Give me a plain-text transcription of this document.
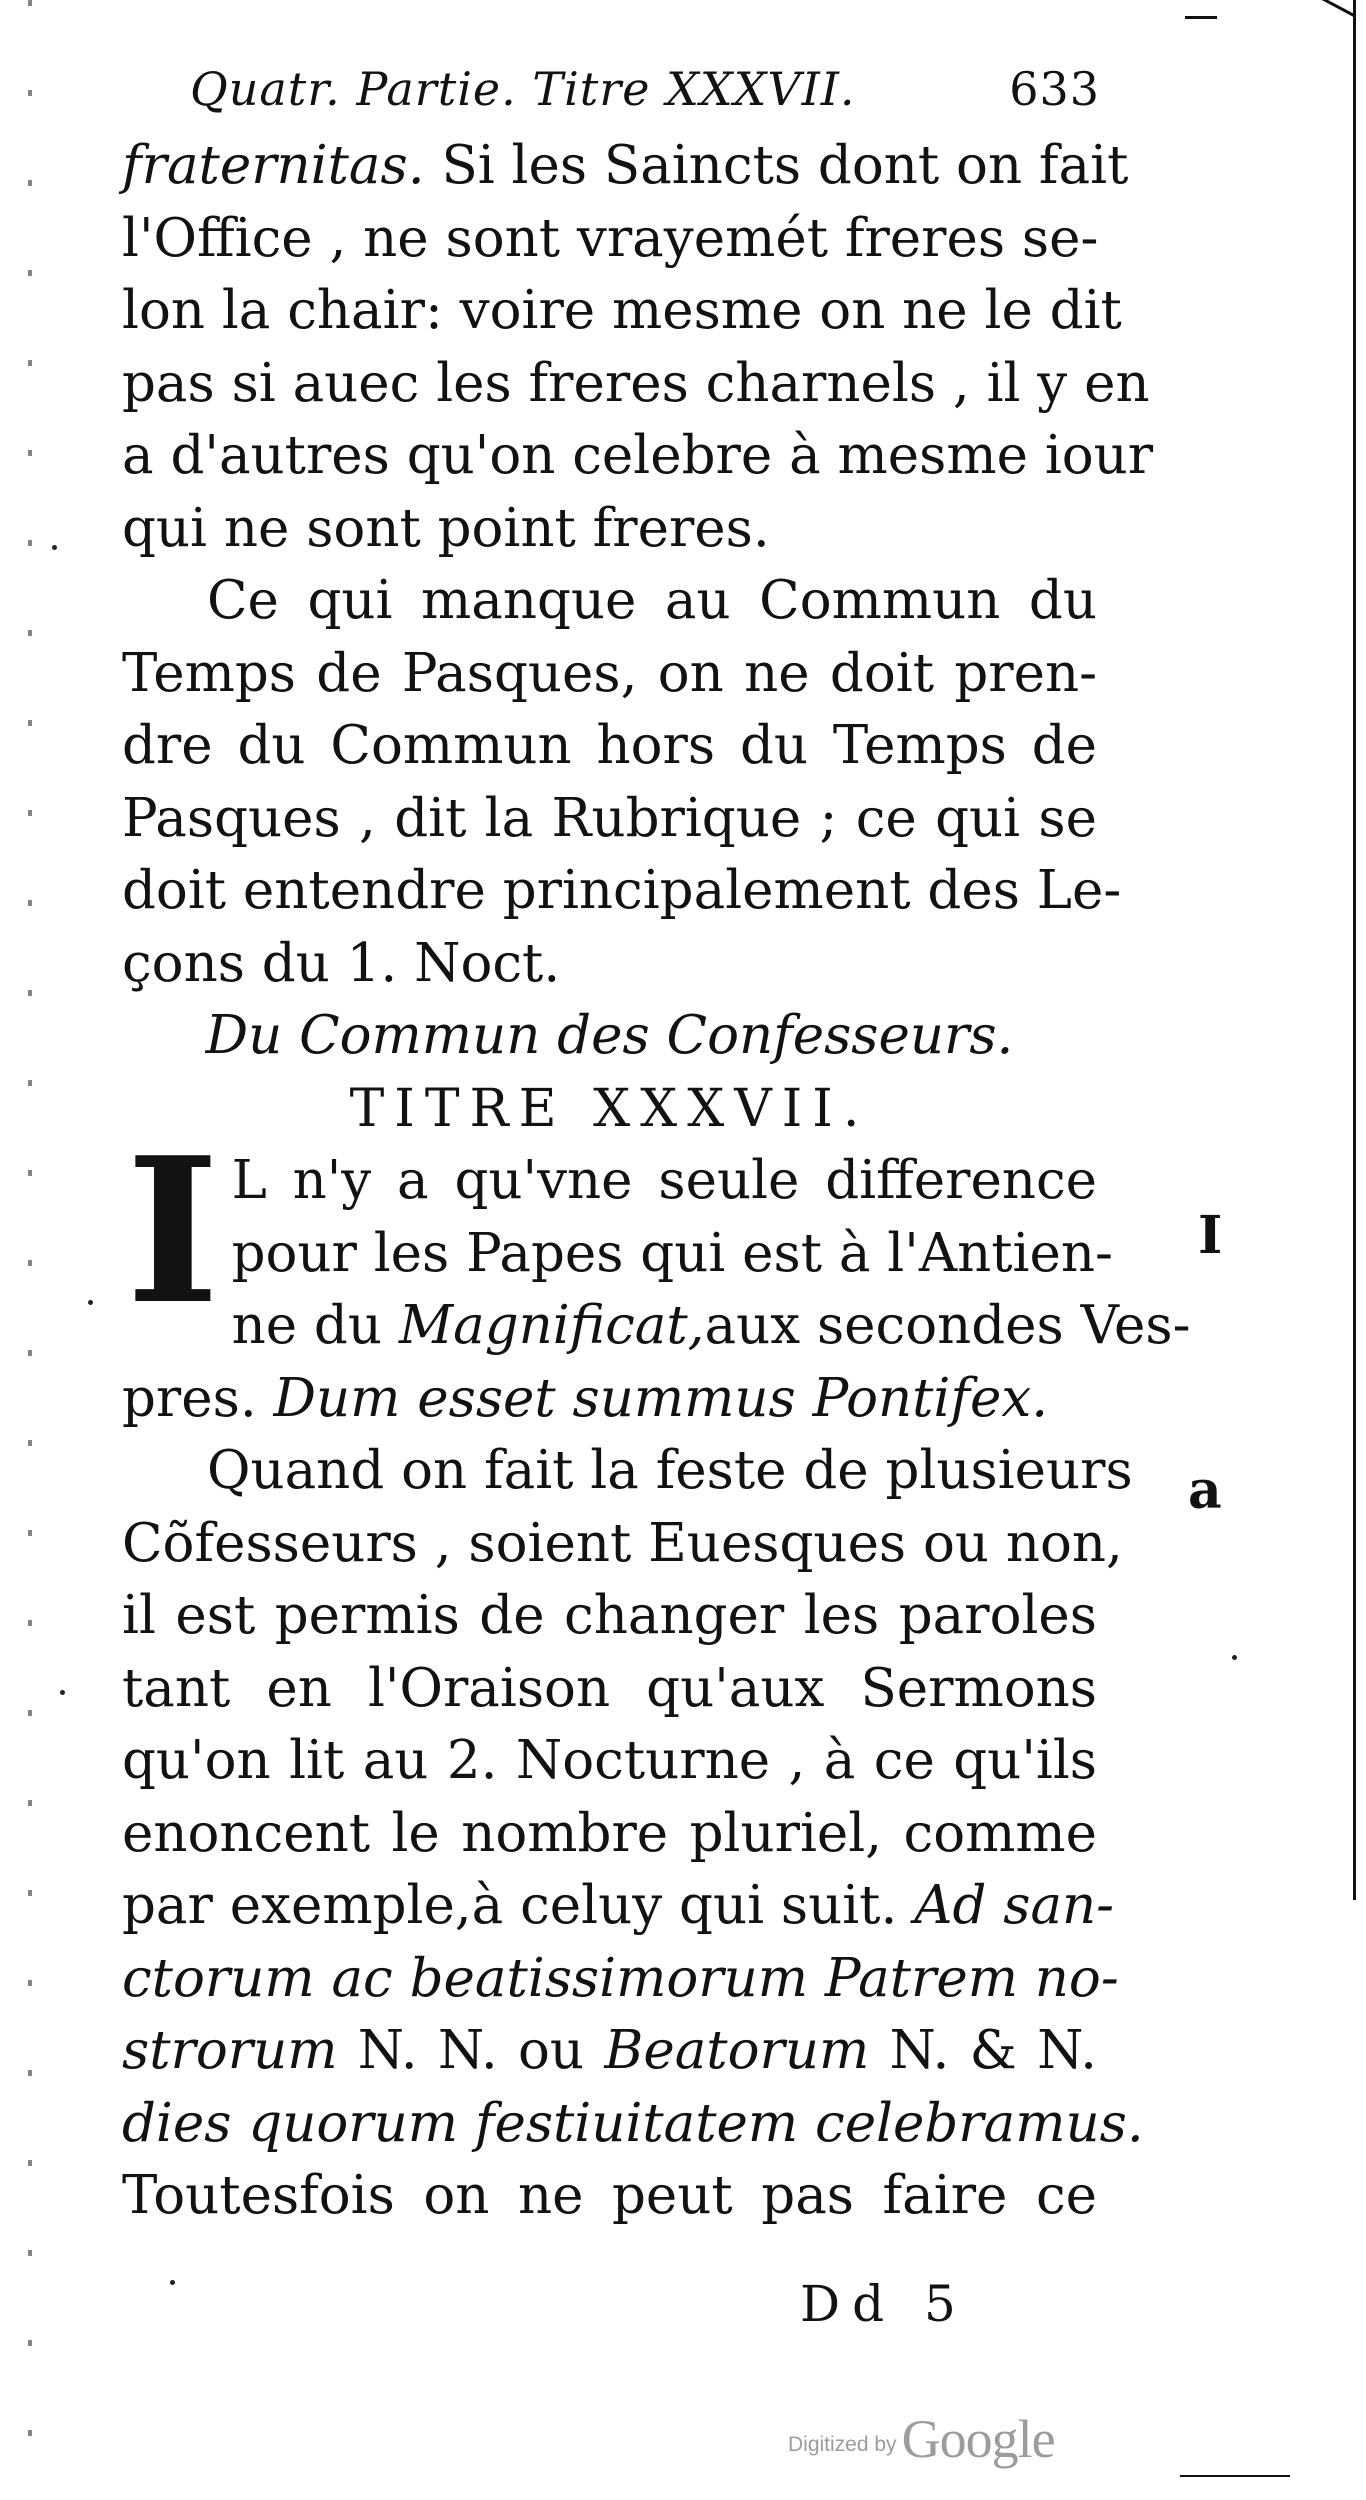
Quatr. Partie. Titre XXXVII.	633
fraternitas. Si les Saincts dont on fait
l'Office , ne sont vrayemét freres se-
lon la chair: voire mesme on ne le dit
pas si auec les freres charnels , il y en
a d'autres qu'on celebre à mesme iour
qui ne sont point freres.
Ce qui manque au Commun du
Temps de Pasques, on ne doit pren-
dre du Commun hors du Temps de
Pasques , dit la Rubrique ; ce qui se
doit entendre principalement des Le-
çons du 1. Noct.
Du Commun des Confesseurs.
TITRE XXXVII.
I L n'y a qu'vne seule difference
pour les Papes qui est à l'Antien-
ne du Magnificat,aux secondes Ves-
pres. Dum esset summus Pontifex.
Quand on fait la feste de plusieurs
Cõfesseurs , soient Euesques ou non,
il est permis de changer les paroles
tant en l'Oraison qu'aux Sermons
qu'on lit au 2. Nocturne , à ce qu'ils
enoncent le nombre pluriel, comme
par exemple,à celuy qui suit. Ad san-
ctorum ac beatissimorum Patrem no-
strorum N. N. ou Beatorum N. & N.
dies quorum festiuitatem celebramus.
Toutesfois on ne peut pas faire ce
Dd 5
I
a
Digitized by Google
